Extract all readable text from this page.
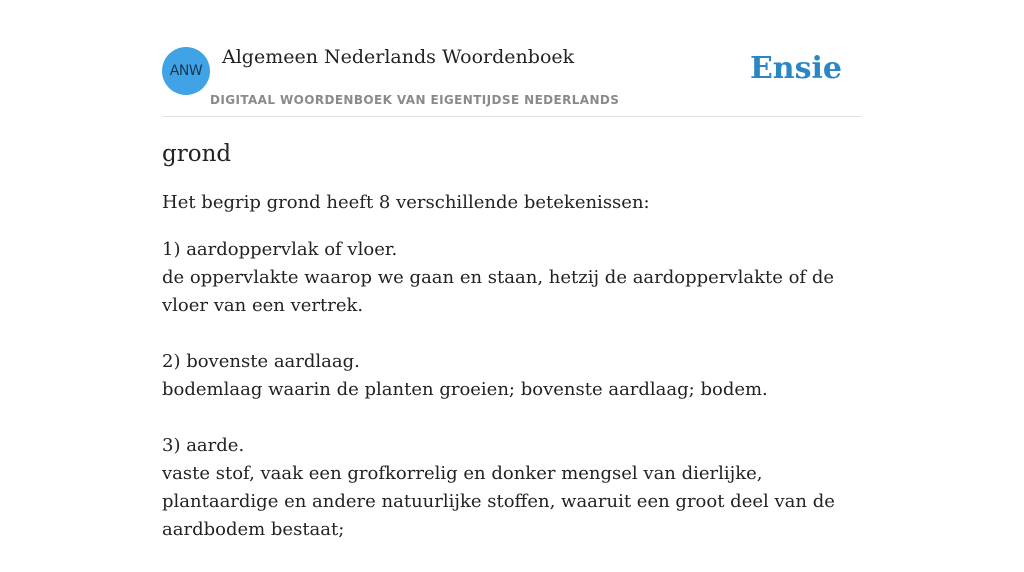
ANW
Algemeen Nederlands Woordenboek
DIGITAAL WOORDENBOEK VAN EIGENTIJDSE NEDERLANDS
Ensie
grond

Het begrip grond heeft 8 verschillende betekenissen:

1) aardoppervlak of vloer.
de oppervlakte waarop we gaan en staan, hetzij de aardoppervlakte of de vloer van een vertrek.
2) bovenste aardlaag.
bodemlaag waarin de planten groeien; bovenste aardlaag; bodem.
3) aarde.
vaste stof, vaak een grofkorrelig en donker mengsel van dierlijke, plantaardige en andere natuurlijke stoffen, waaruit een groot deel van de aardbodem bestaat;
